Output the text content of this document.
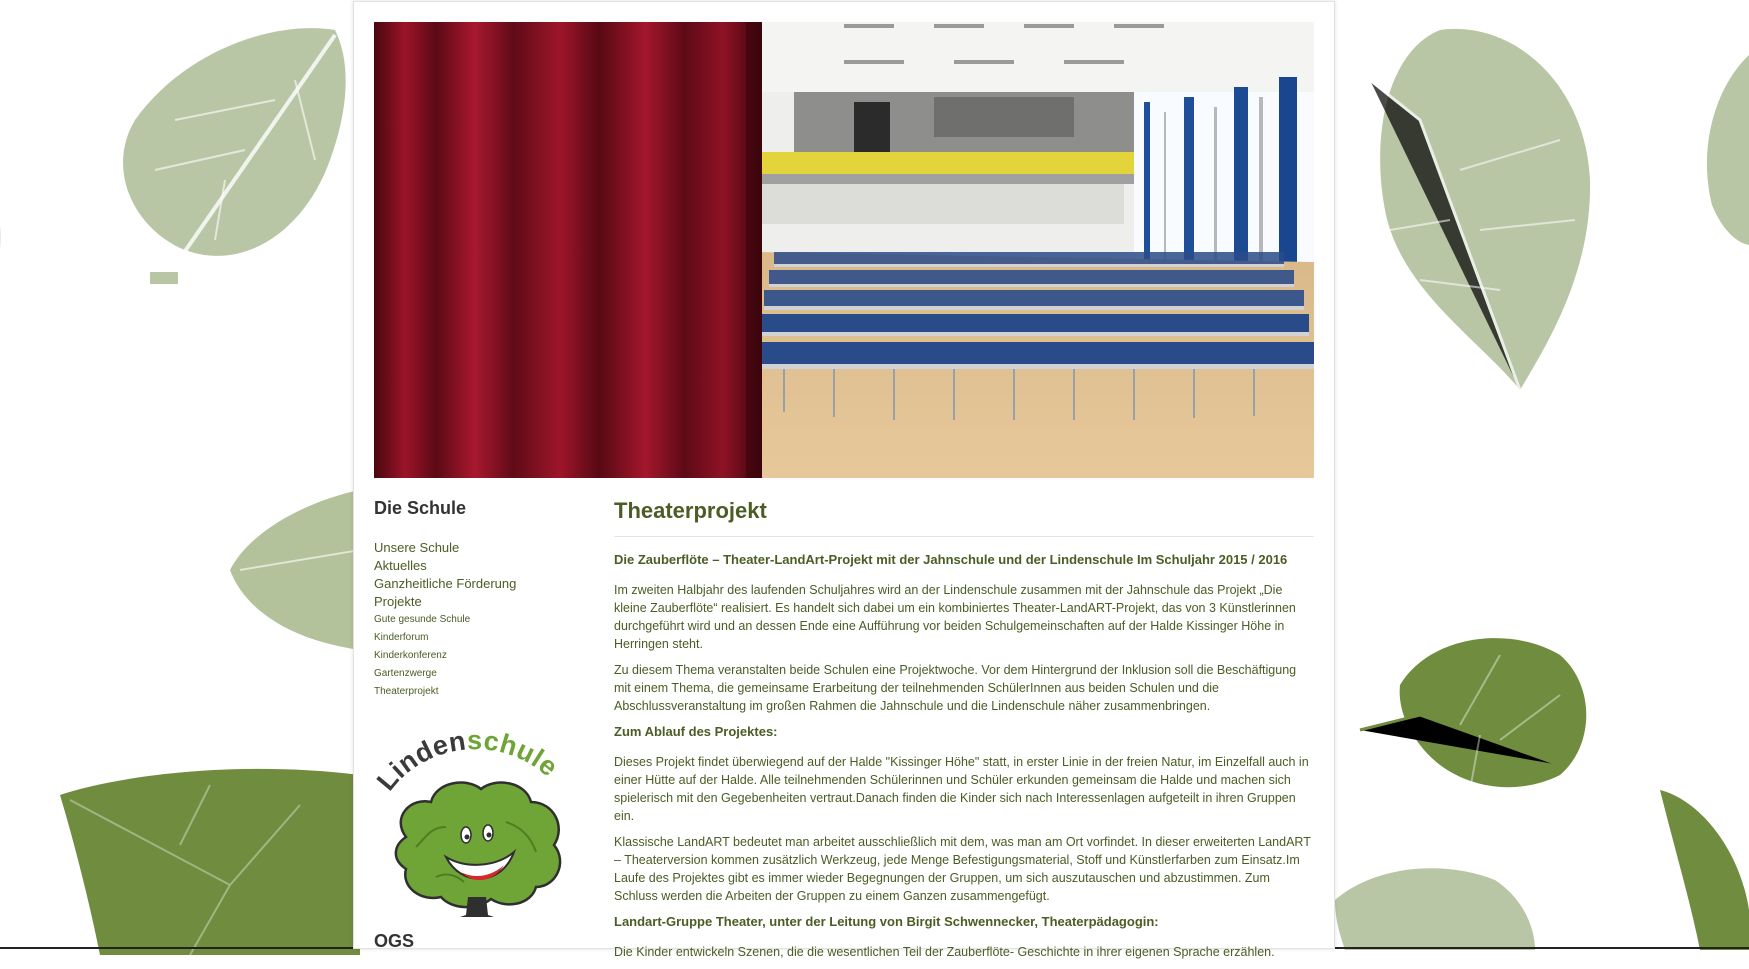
Die Schule
Unsere Schule
Aktuelles
Ganzheitliche Förderung
Projekte
Gute gesunde Schule
Kinderforum
Kinderkonferenz
Gartenzwerge
Theaterprojekt
indenschule
OGS
Theaterprojekt
Die Zauberflöte – Theater-LandArt-Projekt mit der Jahnschule und der Lindenschule Im Schuljahr 2015 / 2016

Im zweiten Halbjahr des laufenden Schuljahres wird an der Lindenschule zusammen mit der Jahnschule das Projekt „Die kleine Zauberflöte“ realisiert. Es handelt sich dabei um ein kombiniertes Theater-LandART-Projekt, das von 3 Künstlerinnen durchgeführt wird und an dessen Ende eine Aufführung vor beiden Schulgemeinschaften auf der Halde Kissinger Höhe in Herringen steht.

Zu diesem Thema veranstalten beide Schulen eine Projektwoche. Vor dem Hintergrund der Inklusion soll die Beschäftigung mit einem Thema, die gemeinsame Erarbeitung der teilnehmenden SchülerInnen aus beiden Schulen und die Abschlussveranstaltung im großen Rahmen die Jahnschule und die Lindenschule näher zusammenbringen.

Zum Ablauf des Projektes:

Dieses Projekt findet überwiegend auf der Halde "Kissinger Höhe" statt, in erster Linie in der freien Natur, im Einzelfall auch in einer Hütte auf der Halde. Alle teilnehmenden Schülerinnen und Schüler erkunden gemeinsam die Halde und machen sich spielerisch mit den Gegebenheiten vertraut.Danach finden die Kinder sich nach Interessenlagen aufgeteilt in ihren Gruppen ein.

Klassische LandART bedeutet man arbeitet ausschließlich mit dem, was man am Ort vorfindet. In dieser erweiterten LandART – Theaterversion kommen zusätzlich Werkzeug, jede Menge Befestigungsmaterial, Stoff und Künstlerfarben zum Einsatz.Im Laufe des Projektes gibt es immer wieder Begegnungen der Gruppen, um sich auszutauschen und abzustimmen. Zum Schluss werden die Arbeiten der Gruppen zu einem Ganzen zusammengefügt.

Landart-Gruppe Theater, unter der Leitung von Birgit Schwennecker, Theaterpädagogin:

Die Kinder entwickeln Szenen, die die wesentlichen Teil der Zauberflöte- Geschichte in ihrer eigenen Sprache erzählen.
